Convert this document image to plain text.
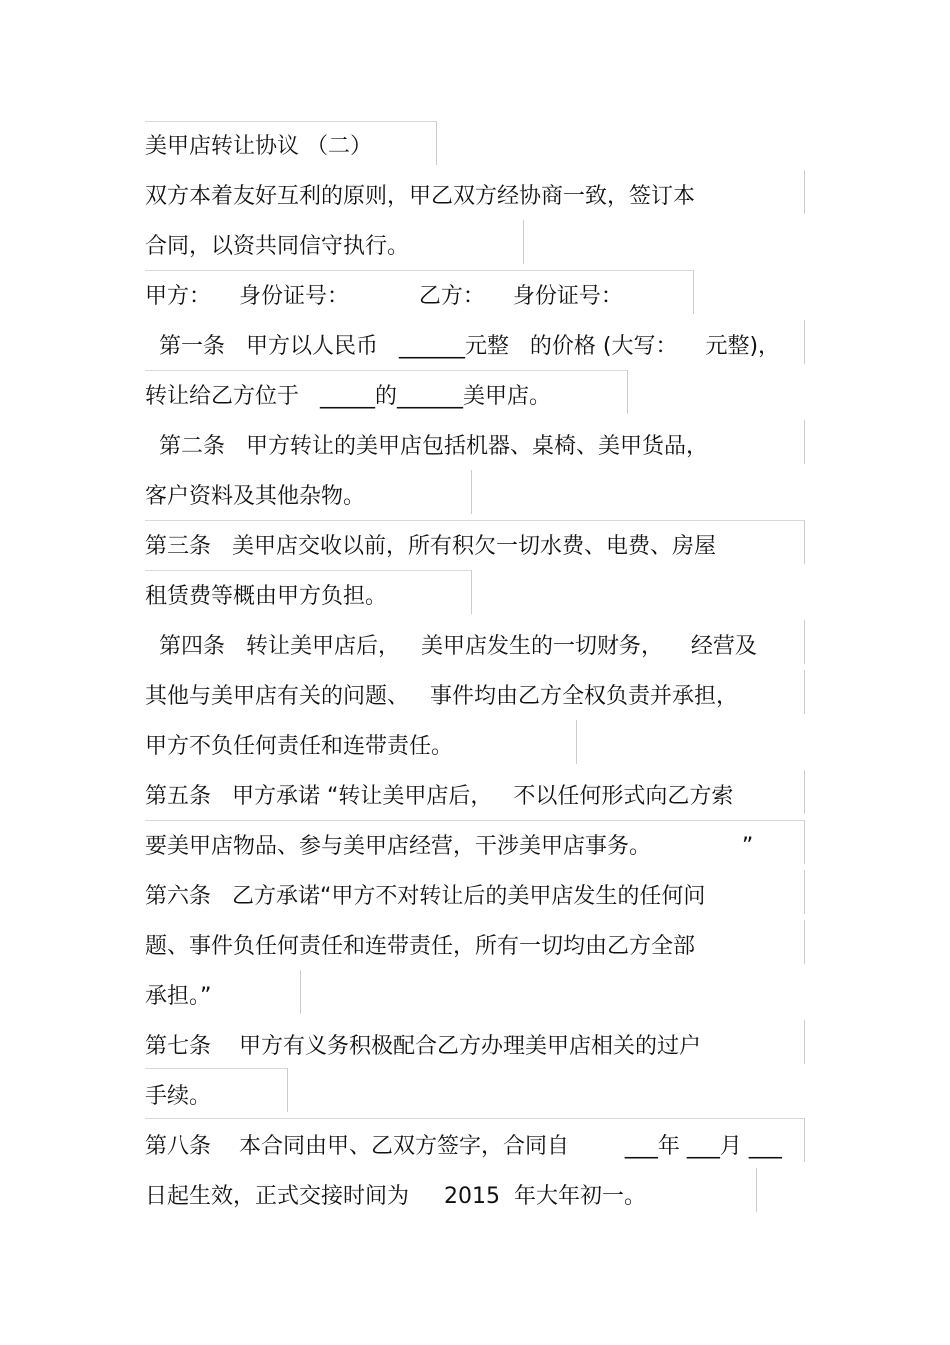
美甲店转让协议 （二）
双方本着友好互利的原则，甲乙双方经协商一致，签订本
合同，以资共同信守执行。
甲方：    身份证号：          乙方：    身份证号：
第一条   甲方以人民币   ______元整   的价格 (大写：    元整)，
转让给乙方位于   _____的______美甲店。
第二条   甲方转让的美甲店包括机器、桌椅、美甲货品，
客户资料及其他杂物。
第三条   美甲店交收以前，所有积欠一切水费、电费、房屋
租赁费等概由甲方负担。
第四条   转让美甲店后，   美甲店发生的一切财务，    经营及
其他与美甲店有关的问题、   事件均由乙方全权负责并承担，
甲方不负任何责任和连带责任。
第五条   甲方承诺 “转让美甲店后，   不以任何形式向乙方索
要美甲店物品、参与美甲店经营，干涉美甲店事务。             ”
第六条   乙方承诺“甲方不对转让后的美甲店发生的任何问
题、事件负任何责任和连带责任，所有一切均由乙方全部
承担。”
第七条    甲方有义务积极配合乙方办理美甲店相关的过户
手续。
第八条    本合同由甲、乙双方签字，合同自        ___年 ___月 ___
日起生效，正式交接时间为     2015  年大年初一。
